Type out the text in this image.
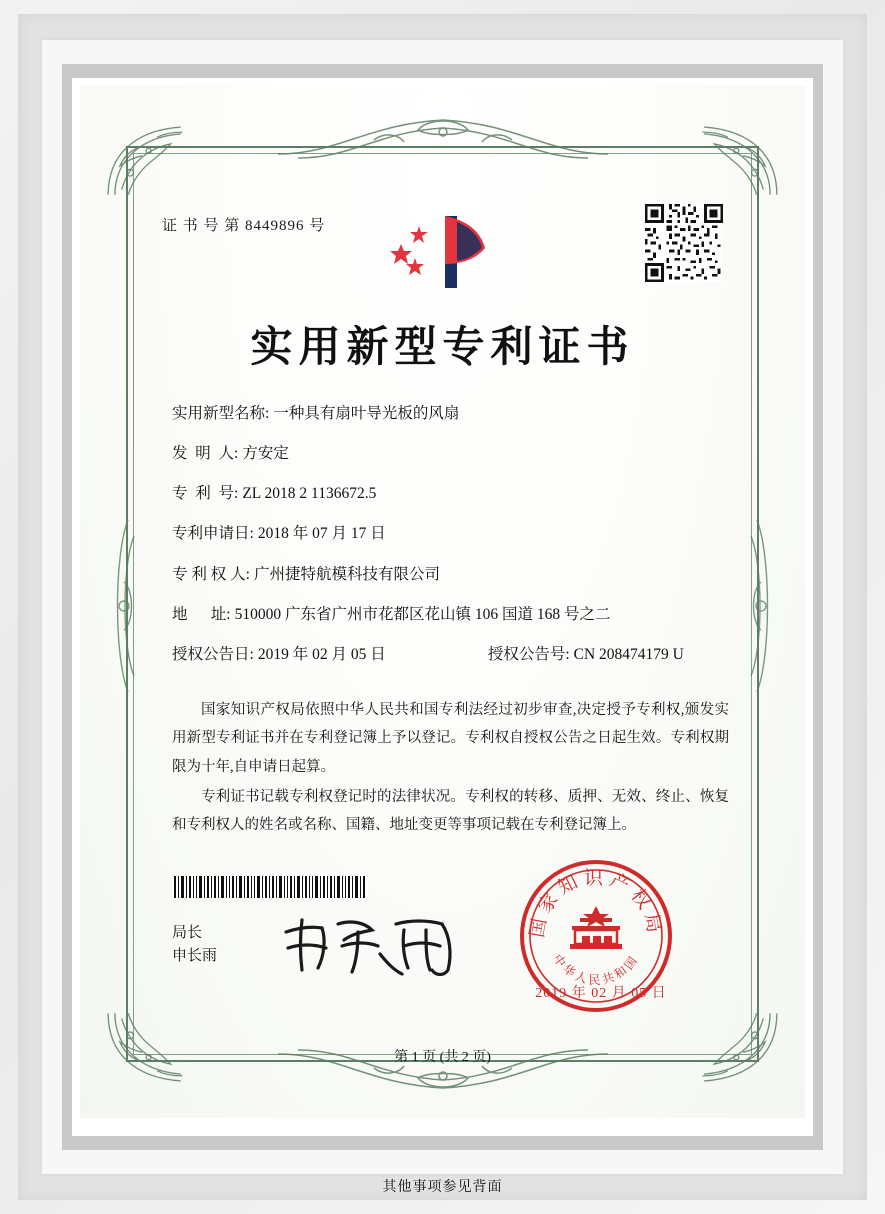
证 书 号 第 8449896 号
实用新型专利证书
实用新型名称: 一种具有扇叶导光板的风扇
发  明  人: 方安定
专  利  号: ZL 2018 2 1136672.5
专利申请日: 2018 年 07 月 17 日
专 利 权 人: 广州捷特航模科技有限公司
地      址: 510000 广东省广州市花都区花山镇 106 国道 168 号之二
授权公告日: 2019 年 02 月 05 日	授权公告号: CN 208474179 U

国家知识产权局依照中华人民共和国专利法经过初步审查,决定授予专利权,颁发实用新型专利证书并在专利登记簿上予以登记。专利权自授权公告之日起生效。专利权期限为十年,自申请日起算。

专利证书记载专利权登记时的法律状况。专利权的转移、质押、无效、终止、恢复和专利权人的姓名或名称、国籍、地址变更等事项记载在专利登记簿上。

局长
申长雨
国家知识产权局
中华人民共和国
2019 年 02 月 05 日
第 1 页 (共 2 页)
其他事项参见背面
